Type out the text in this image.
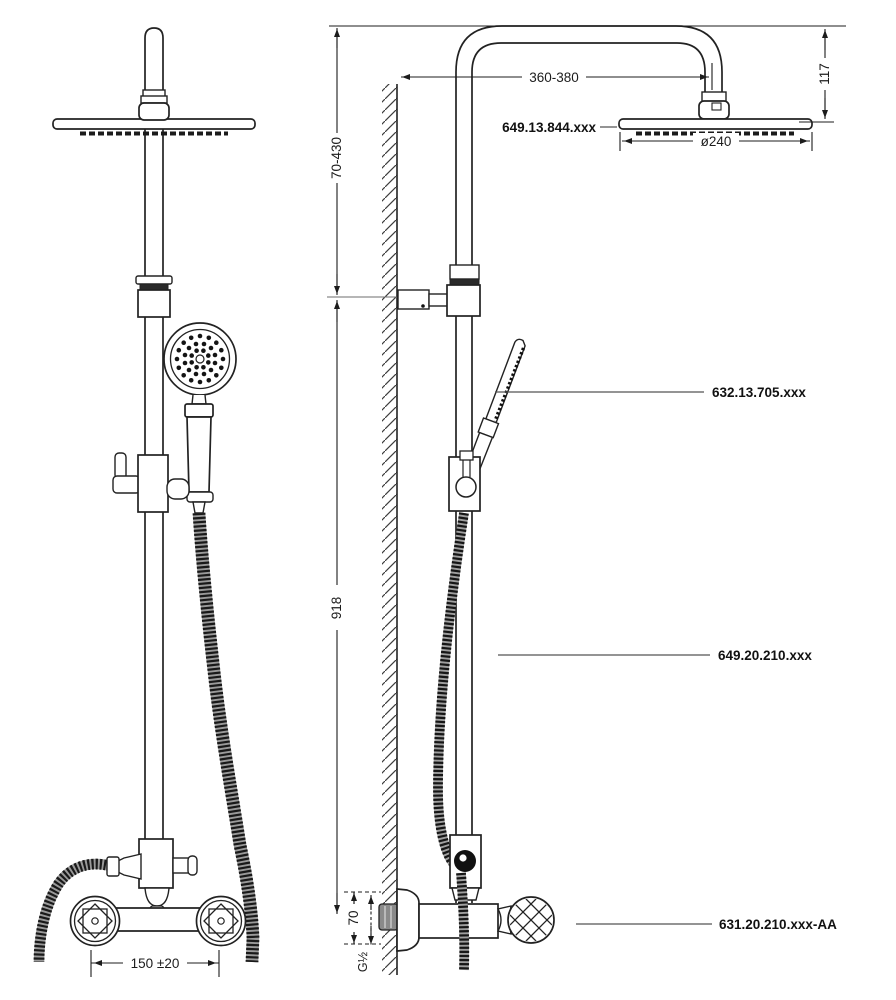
70-430
918
360-380	117
ø240
70
G½
150 ±20
649.13.844.xxx
632.13.705.xxx
649.20.210.xxx
631.20.210.xxx-AA
